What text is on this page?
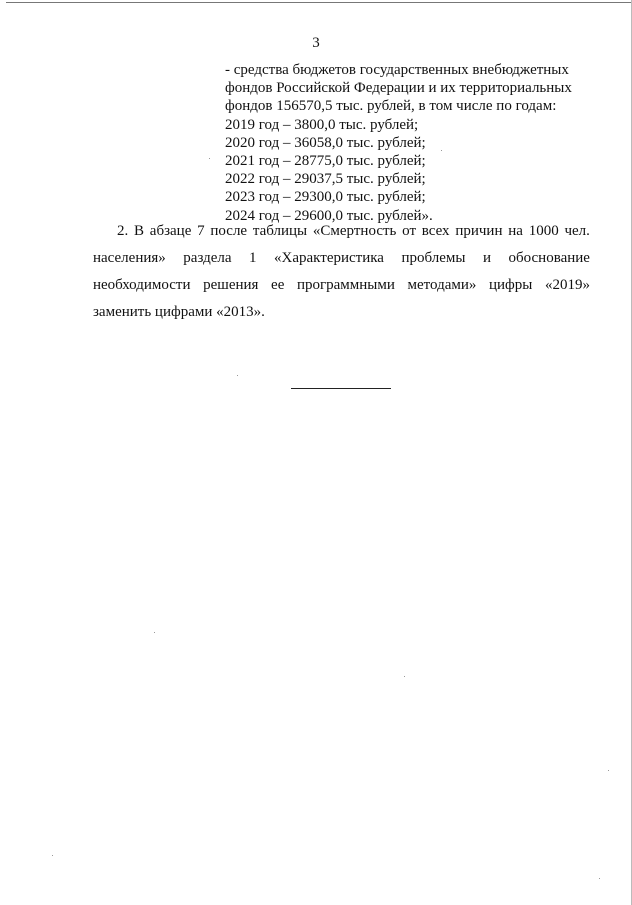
3
- средства бюджетов государственных внебюджетных
фондов Российской Федерации и их территориальных
фондов 156570,5 тыс. рублей, в том числе по годам:
2019 год – 3800,0 тыс. рублей;
2020 год – 36058,0 тыс. рублей;
2021 год – 28775,0 тыс. рублей;
2022 год – 29037,5 тыс. рублей;
2023 год – 29300,0 тыс. рублей;
2024 год – 29600,0 тыс. рублей».
2. В абзаце 7 после таблицы «Смертность от всех причин на 1000 чел.
населения» раздела 1 «Характеристика проблемы и обоснование
необходимости решения ее программными методами» цифры «2019»
заменить цифрами «2013».
